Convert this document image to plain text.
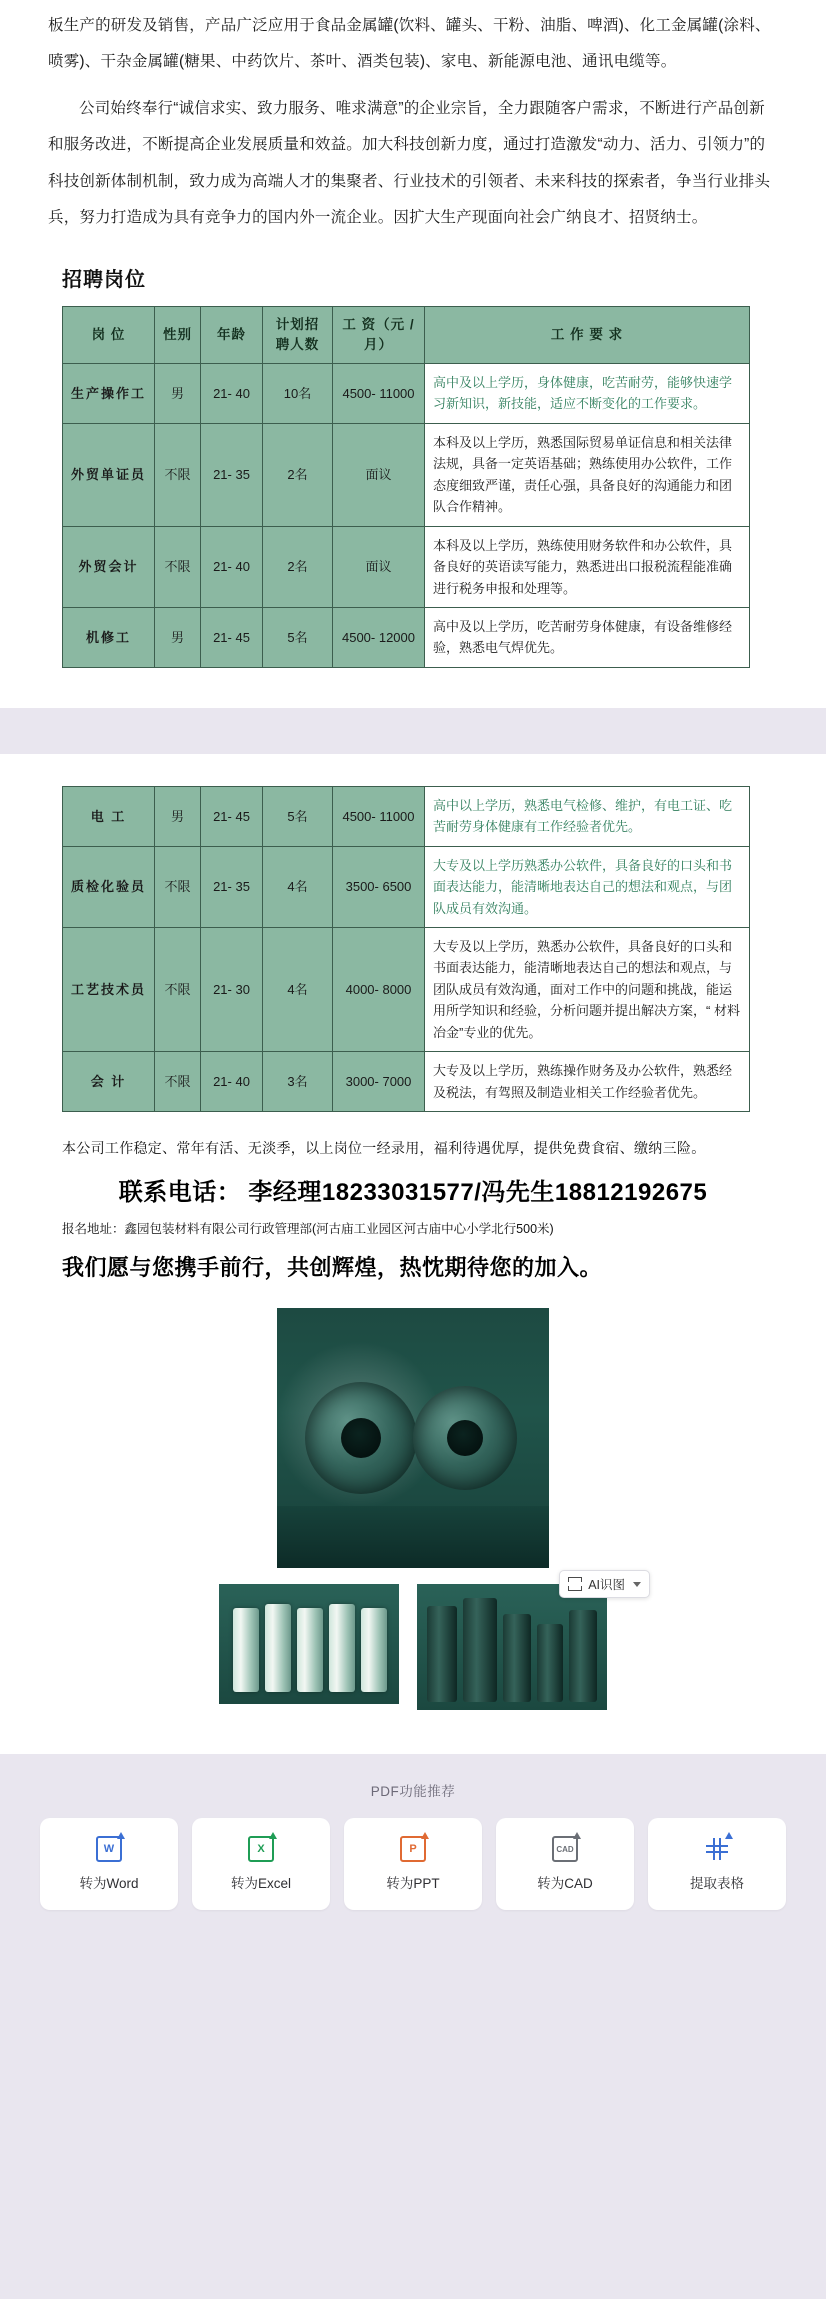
板生产的研发及销售，产品广泛应用于食品金属罐(饮料、罐头、干粉、油脂、啤酒)、化工金属罐(涂料、喷雾)、干杂金属罐(糖果、中药饮片、茶叶、酒类包装)、家电、新能源电池、通讯电缆等。

公司始终奉行“诚信求实、致力服务、唯求满意”的企业宗旨，全力跟随客户需求，不断进行产品创新和服务改进，不断提高企业发展质量和效益。加大科技创新力度，通过打造激发“动力、活力、引领力”的科技创新体制机制，致力成为高端人才的集聚者、行业技术的引领者、未来科技的探索者，争当行业排头兵，努力打造成为具有竞争力的国内外一流企业。因扩大生产现面向社会广纳良才、招贤纳士。

招聘岗位
岗 位	性别	年龄	计划招聘人数	工 资（元 / 月）	工 作 要 求
生产操作工	男	21- 40	10名	4500- 11000	高中及以上学历，身体健康，吃苦耐劳，能够快速学习新知识，新技能，适应不断变化的工作要求。
外贸单证员	不限	21- 35	2名	面议	本科及以上学历，熟悉国际贸易单证信息和相关法律法规，具备一定英语基础；熟练使用办公软件，工作态度细致严谨，责任心强，具备良好的沟通能力和团队合作精神。
外贸会计	不限	21- 40	2名	面议	本科及以上学历，熟练使用财务软件和办公软件，具备良好的英语读写能力，熟悉进出口报税流程能准确进行税务申报和处理等。
机修工	男	21- 45	5名	4500- 12000	高中及以上学历，吃苦耐劳身体健康，有设备维修经验，熟悉电气焊优先。
电 工	男	21- 45	5名	4500- 11000	高中以上学历，熟悉电气检修、维护，有电工证、吃苦耐劳身体健康有工作经验者优先。
质检化验员	不限	21- 35	4名	3500- 6500	大专及以上学历熟悉办公软件，具备良好的口头和书面表达能力，能清晰地表达自己的想法和观点，与团队成员有效沟通。
工艺技术员	不限	21- 30	4名	4000- 8000	大专及以上学历，熟悉办公软件，具备良好的口头和书面表达能力，能清晰地表达自己的想法和观点，与团队成员有效沟通，面对工作中的问题和挑战，能运用所学知识和经验，分析问题并提出解决方案，“ 材料冶金”专业的优先。
会 计	不限	21- 40	3名	3000- 7000	大专及以上学历，熟练操作财务及办公软件，熟悉经及税法，有驾照及制造业相关工作经验者优先。
本公司工作稳定、常年有活、无淡季，以上岗位一经录用，福利待遇优厚，提供免费食宿、缴纳三险。
联系电话： 李经理18233031577/冯先生18812192675
报名地址：鑫园包装材料有限公司行政管理部(河古庙工业园区河古庙中心小学北行500米)
我们愿与您携手前行，共创辉煌，热忱期待您的加入。
AI识图
PDF功能推荐
W
转为Word
X
转为Excel
P
转为PPT
CAD
转为CAD	提取表格
